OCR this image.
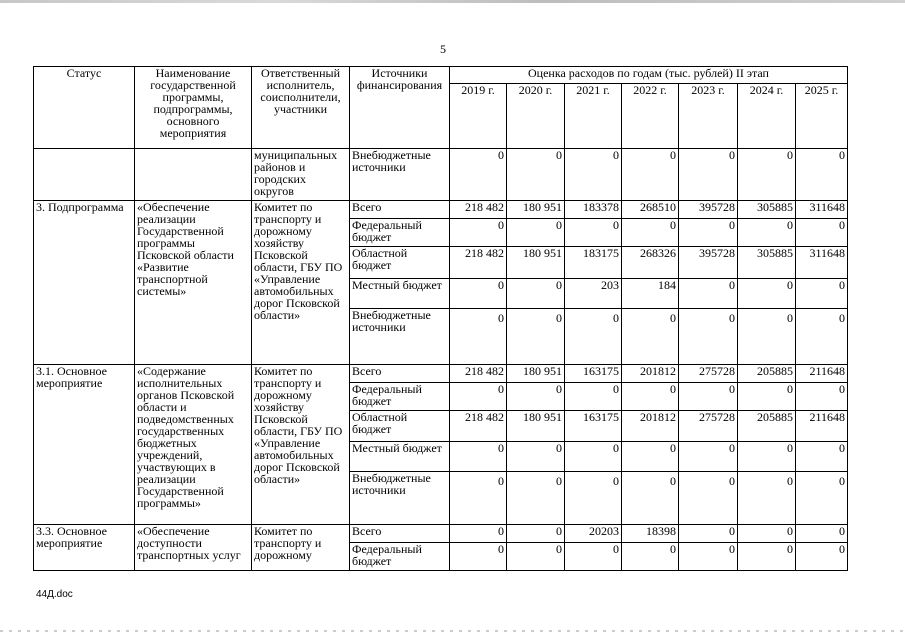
5
Статус	Наименование государственной программы, подпрограммы, основного мероприятия	Ответственный исполнитель, соисполнители, участники	Источники финансирования	Оценка расходов по годам (тыс. рублей) II этап						
				2019 г.	2020 г.	2021 г.	2022 г.	2023 г.	2024 г.	2025 г.
		муниципальных районов и городских округов	Внебюджетные источники	0	0	0	0	0	0	0
3. Подпрограмма	«Обеспечение реализации Государственной программы Псковской области «Развитие транспортной системы»	Комитет по транспорту и дорожному хозяйству Псковской области, ГБУ ПО «Управление автомобильных дорог Псковской области»	Всего	218 482	180 951	183378	268510	395728	305885	311648
			Федеральный бюджет	0	0	0	0	0	0	0
			Областной бюджет	218 482	180 951	183175	268326	395728	305885	311648
			Местный бюджет	0	0	203	184	0	0	0
			Внебюджетные источники	0	0	0	0	0	0	0
3.1. Основное мероприятие	«Содержание исполнительных органов Псковской области и подведомственных государственных бюджетных учреждений, участвующих в реализации Государственной программы»	Комитет по транспорту и дорожному хозяйству Псковской области, ГБУ ПО «Управление автомобильных дорог Псковской области»	Всего	218 482	180 951	163175	201812	275728	205885	211648
			Федеральный бюджет	0	0	0	0	0	0	0
			Областной бюджет	218 482	180 951	163175	201812	275728	205885	211648
			Местный бюджет	0	0	0	0	0	0	0
			Внебюджетные источники	0	0	0	0	0	0	0
3.3. Основное мероприятие	«Обеспечение доступности транспортных услуг	Комитет по транспорту и дорожному	Всего	0	0	20203	18398	0	0	0
			Федеральный бюджет	0	0	0	0	0	0	0
44Д.doc
